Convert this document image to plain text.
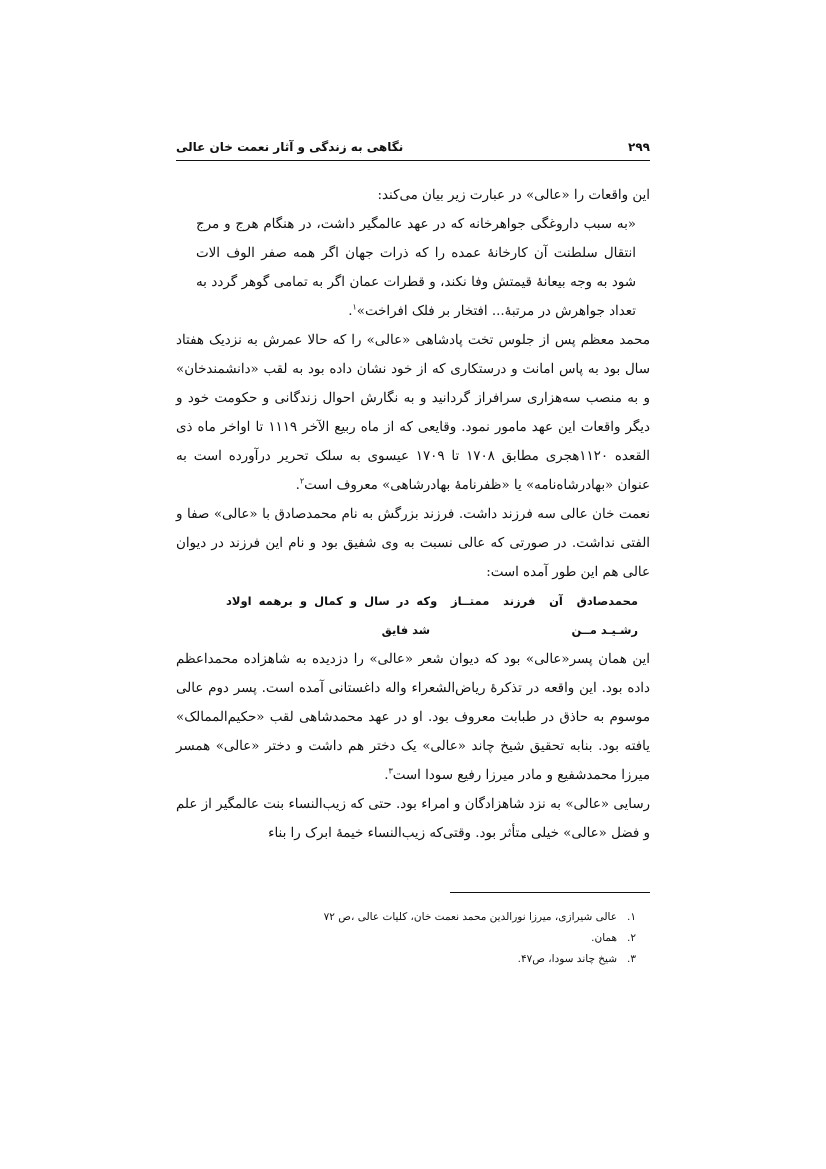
۲۹۹
نگاهی به زندگی و آثار نعمت خان عالی

این واقعات را «عالی» در عبارت زیر بیان می‌کند:

«به سبب داروغگی جواهرخانه که در عهد عالمگیر داشت، در هنگام هرج و مرج انتقال سلطنت آن کارخانهٔ عمده را که ذرات جهان اگر همه صفر الوف الات شود به وجه بیعانهٔ قیمتش وفا نکند، و قطرات عمان اگر به تمامی گوهر گردد به تعداد جواهرش در مرتبهٔ... افتخار بر فلک افراخت»$^۱$.

محمد معظم پس از جلوس تخت پادشاهی «عالی» را که حالا عمرش به نزدیک هفتاد سال بود به پاس امانت و درستکاری که از خود نشان داده بود به لقب «دانشمندخان» و به منصب سه‌هزاری سرافراز گردانید و به نگارش احوال زندگانی و حکومت خود و دیگر واقعات این عهد مامور نمود. وقایعی که از ماه ربیع الآخر ۱۱۱۹ تا اواخر ماه ذی القعده ۱۱۲۰هجری مطابق ۱۷۰۸ تا ۱۷۰۹ عیسوی به سلک تحریر درآورده است به عنوان «بهادرشاه‌نامه» یا «ظفرنامهٔ بهادرشاهی» معروف است$^۲$.

نعمت خان عالی سه فرزند داشت. فرزند بزرگش به نام محمدصادق با «عالی» صفا و الفتی نداشت. در صورتی که عالی نسبت به وی شفیق بود و نام این فرزند در دیوان عالی هم این طور آمده است:

محمدصادق آن فرزند ممتــاز و رشـیـد مــن
که در سال و کمال و برهمه اولاد شد فایق

این همان پسر«عالی» بود که دیوان شعر «عالی» را دزدیده به شاهزاده محمداعظم داده بود. این واقعه در تذکرهٔ ریاض‌الشعراء واله داغستانی آمده است. پسر دوم عالی موسوم به حاذق در طبابت معروف بود. او در عهد محمدشاهی لقب «حکیم‌الممالک» یافته بود. بنابه تحقیق شیخ چاند «عالی» یک دختر هم داشت و دختر «عالی» همسر میرزا محمدشفیع و مادر میرزا رفیع سودا است$^۳$.

رسایی «عالی» به نزد شاهزادگان و امراء بود. حتی که زیب‌النساء بنت عالمگیر از علم و فضل «عالی» خیلی متأثر بود. وقتی‌که زیب‌النساء خیمهٔ ابرک را بناء

۱.
عالی شیرازی، میرزا نورالدین محمد نعمت خان، کلیات عالی ،ص ۷۲
۲.
همان.
۳.
شیخ چاند سودا، ص۴۷.
